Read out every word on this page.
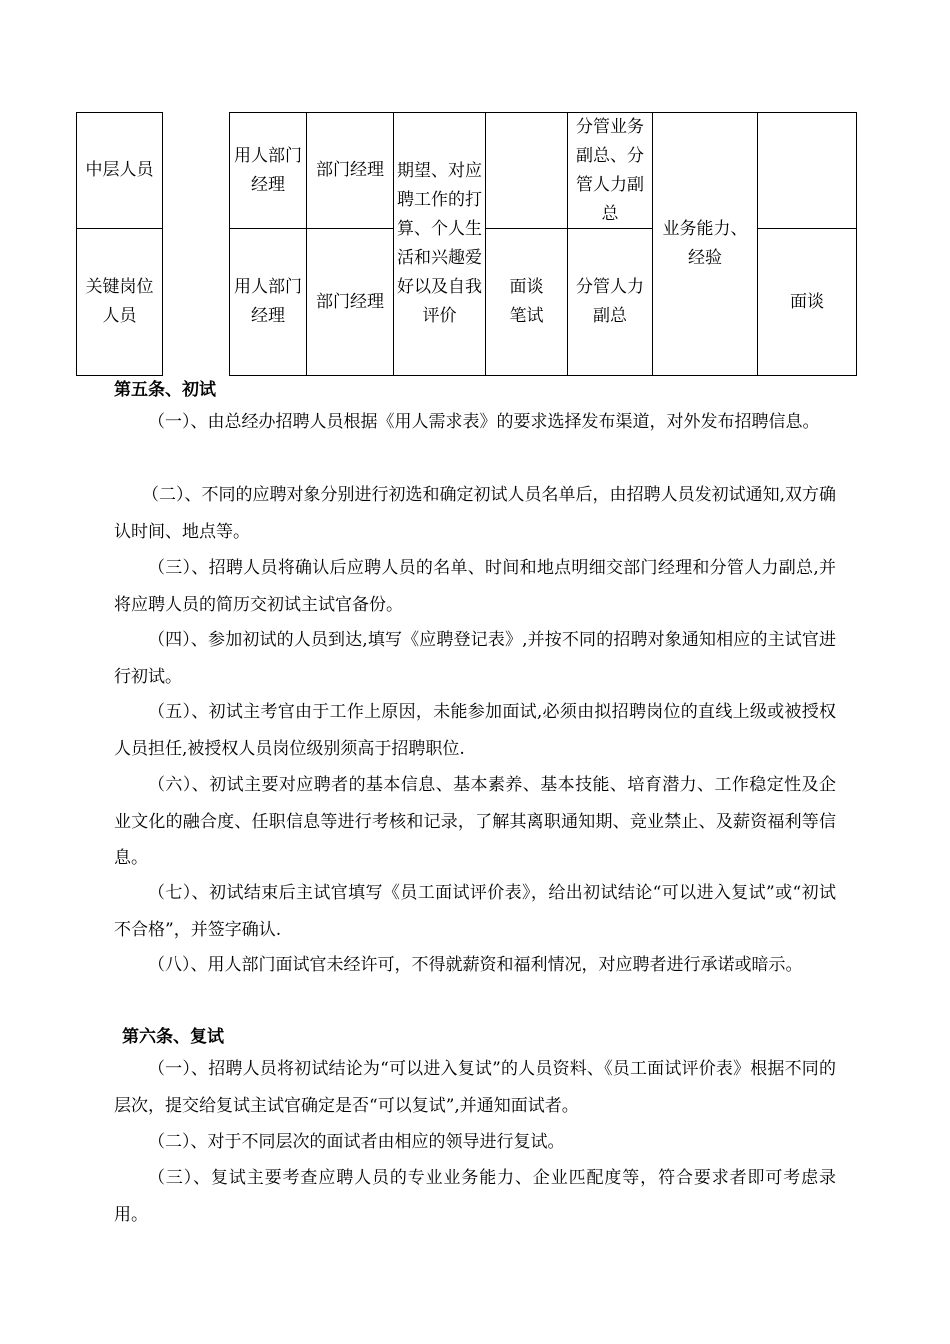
中层人员
用人部门经理
部门经理
分管业务副总、分管人力副总
关键岗位人员
用人部门经理
部门经理
面谈笔试
分管人力副总
面谈
期望、对应聘工作的打算、个人生活和兴趣爱好以及自我评价
业务能力、经验
第五条、初试

（一）、由总经办招聘人员根据《用人需求表》的要求选择发布渠道，对外发布招聘信息。

（二）、不同的应聘对象分别进行初选和确定初试人员名单后，由招聘人员发初试通知,双方确认时间、地点等。

（三）、招聘人员将确认后应聘人员的名单、时间和地点明细交部门经理和分管人力副总,并将应聘人员的简历交初试主试官备份。

（四）、参加初试的人员到达,填写《应聘登记表》,并按不同的招聘对象通知相应的主试官进行初试。

（五）、初试主考官由于工作上原因，未能参加面试,必须由拟招聘岗位的直线上级或被授权人员担任,被授权人员岗位级别须高于招聘职位.

（六）、初试主要对应聘者的基本信息、基本素养、基本技能、培育潜力、工作稳定性及企业文化的融合度、任职信息等进行考核和记录，了解其离职通知期、竞业禁止、及薪资福利等信息。

（七）、初试结束后主试官填写《员工面试评价表》，给出初试结论“可以进入复试”或“初试不合格”，并签字确认.

（八）、用人部门面试官未经许可，不得就薪资和福利情况，对应聘者进行承诺或暗示。

第六条、复试

（一）、招聘人员将初试结论为“可以进入复试”的人员资料、《员工面试评价表》根据不同的层次，提交给复试主试官确定是否“可以复试”,并通知面试者。

（二）、对于不同层次的面试者由相应的领导进行复试。

（三）、复试主要考查应聘人员的专业业务能力、企业匹配度等，符合要求者即可考虑录用。
